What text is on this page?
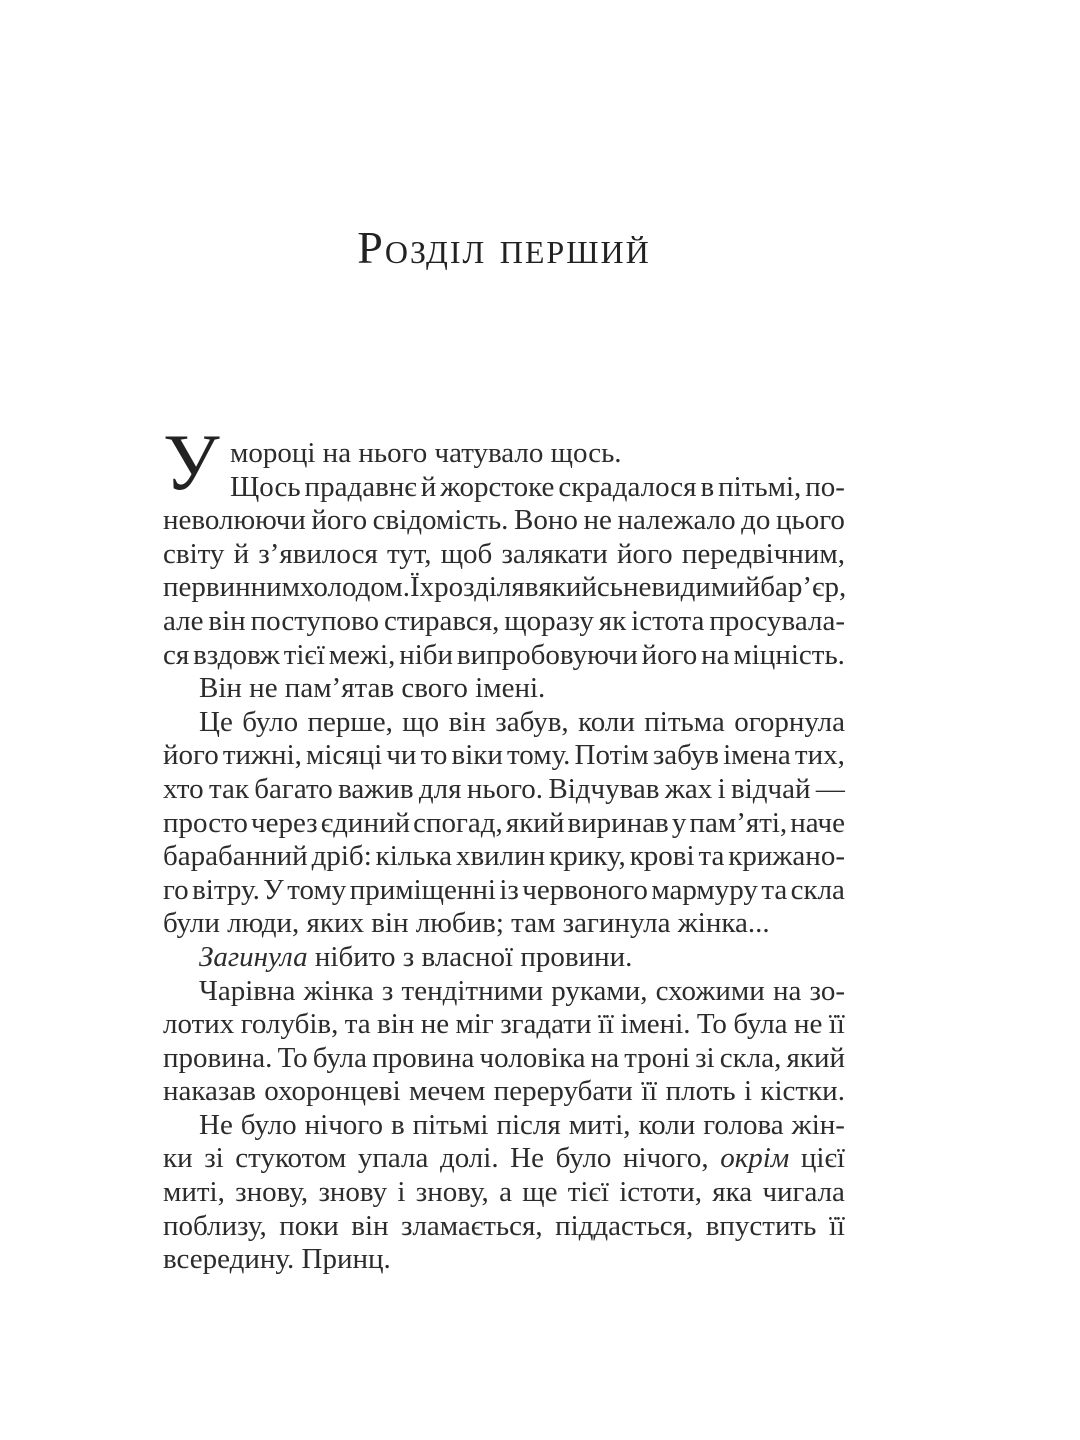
Розділ перший
У мороці на нього чатувало щось.
Щось прадавнє й жорстоке скрадалося в пітьмі, по-
неволюючи його свідомість. Воно не належало до цього
світу й з’явилося тут, щоб залякати його передвічним,
первинним холодом. Їх розділяв якийсь невидимий бар’єр,
але він поступово стирався, щоразу як істота просувала-
ся вздовж тієї межі, ніби випробовуючи його на міцність.
Він не пам’ятав свого імені.
Це було перше, що він забув, коли пітьма огорнула
його тижні, місяці чи то віки тому. Потім забув імена тих,
хто так багато важив для нього. Відчував жах і відчай —
просто через єдиний спогад, який виринав у пам’яті, наче
барабанний дріб: кілька хвилин крику, крові та крижано-
го вітру. У тому приміщенні із червоного мармуру та скла
були люди, яких він любив; там загинула жінка...
Загинула нібито з власної провини.
Чарівна жінка з тендітними руками, схожими на зо-
лотих голубів, та він не міг згадати її імені. То була не її
провина. То була провина чоловіка на троні зі скла, який
наказав охоронцеві мечем перерубати її плоть і кістки.
Не було нічого в пітьмі після миті, коли голова жін-
ки зі стукотом упала долі. Не було нічого, окрім цієї
миті, знову, знову і знову, а ще тієї істоти, яка чигала
поблизу, поки він зламається, піддасться, впустить її
всередину. Принц.
